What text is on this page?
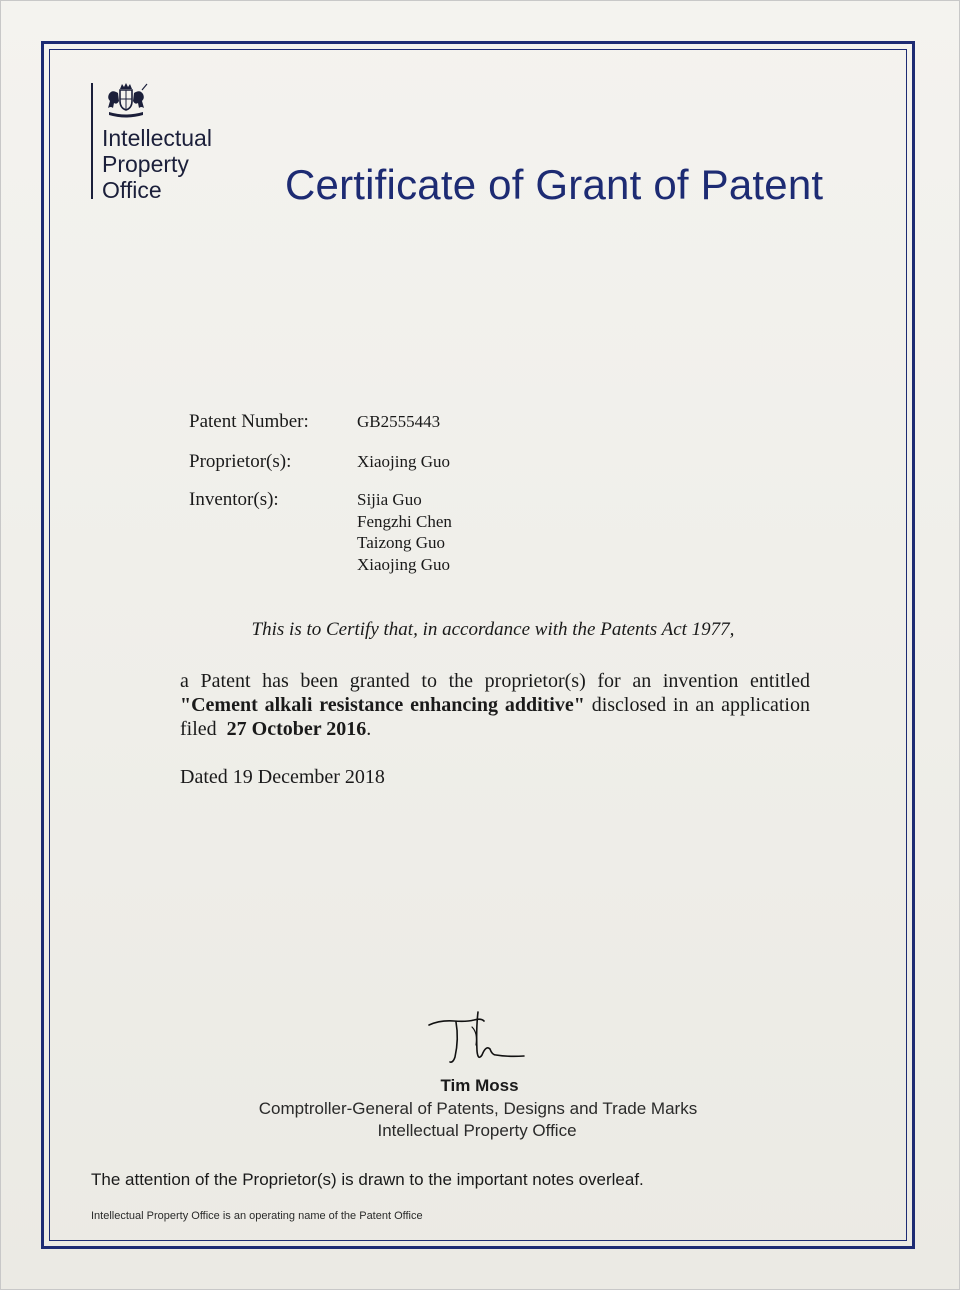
Intellectual
Property
Office	Certificate of Grant of Patent
Patent Number:	GB2555443
Proprietor(s):	Xiaojing Guo
Inventor(s):	Sijia Guo
Fengzhi Chen
Taizong Guo
Xiaojing Guo
This is to Certify that, in accordance with the Patents Act 1977,
a Patent has been granted to the proprietor(s) for an invention entitled "Cement alkali resistance enhancing additive" disclosed in an application filed 27 October 2016.
Dated 19 December 2018
Tim Moss
Comptroller-General of Patents, Designs and Trade Marks
Intellectual Property Office
The attention of the Proprietor(s) is drawn to the important notes overleaf.
Intellectual Property Office is an operating name of the Patent Office
